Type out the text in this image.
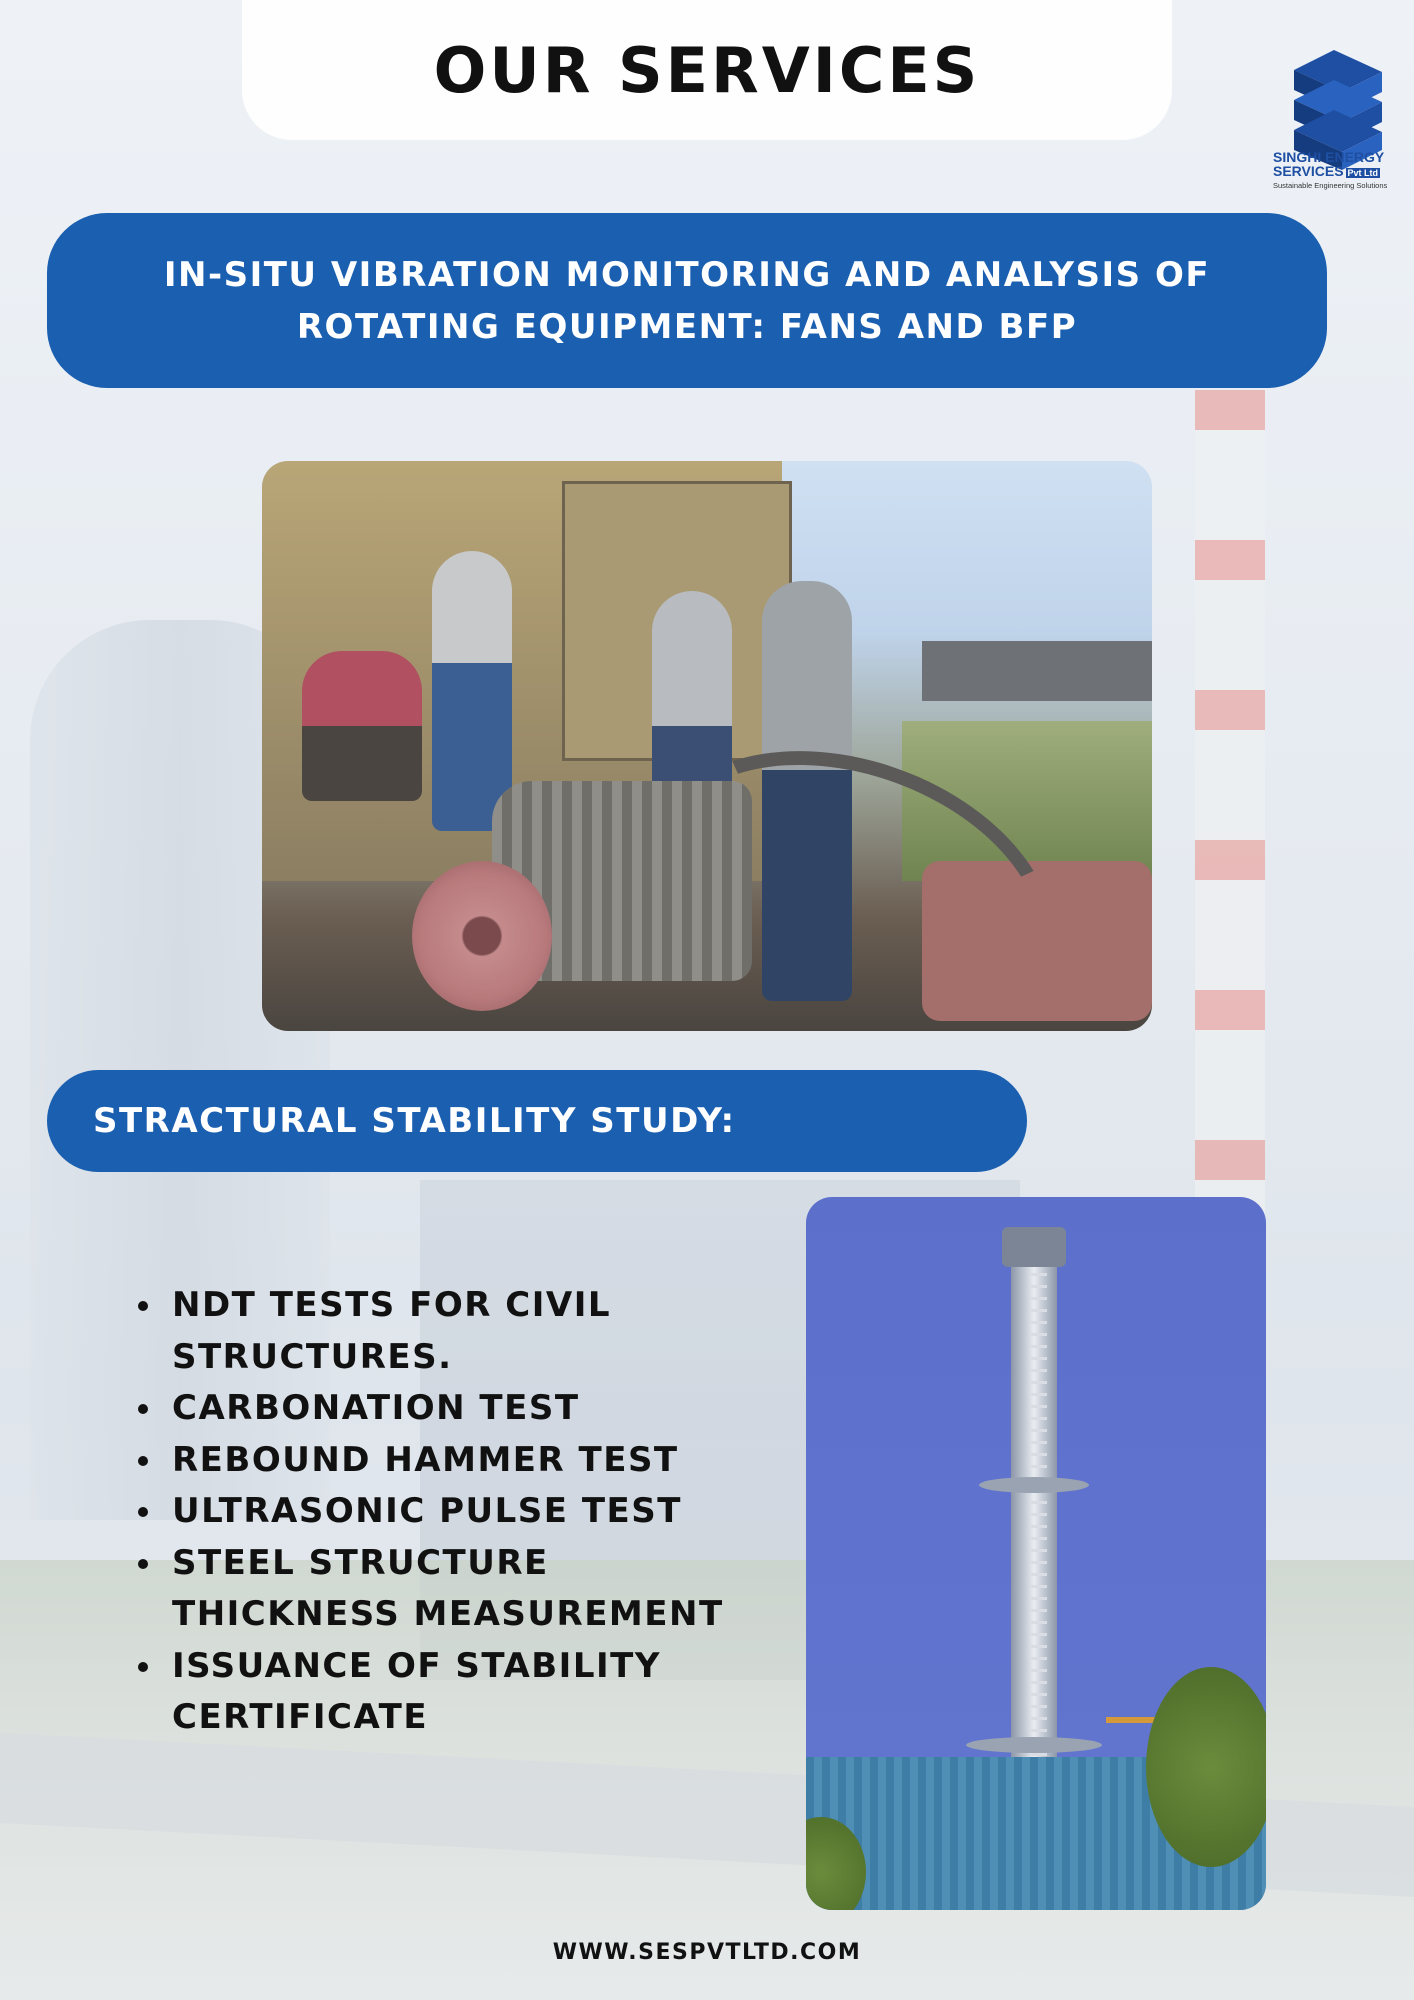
OUR SERVICES
SINGHI ENERGY
SERVICES Pvt Ltd
Sustainable Engineering Solutions
IN-SITU VIBRATION MONITORING AND ANALYSIS OF ROTATING EQUIPMENT: FANS AND BFP
STRACTURAL STABILITY STUDY:
NDT TESTS FOR CIVIL STRUCTURES.
CARBONATION TEST
REBOUND HAMMER TEST
ULTRASONIC PULSE TEST
STEEL STRUCTURE THICKNESS MEASUREMENT
ISSUANCE OF STABILITY CERTIFICATE
WWW.SESPVTLTD.COM
